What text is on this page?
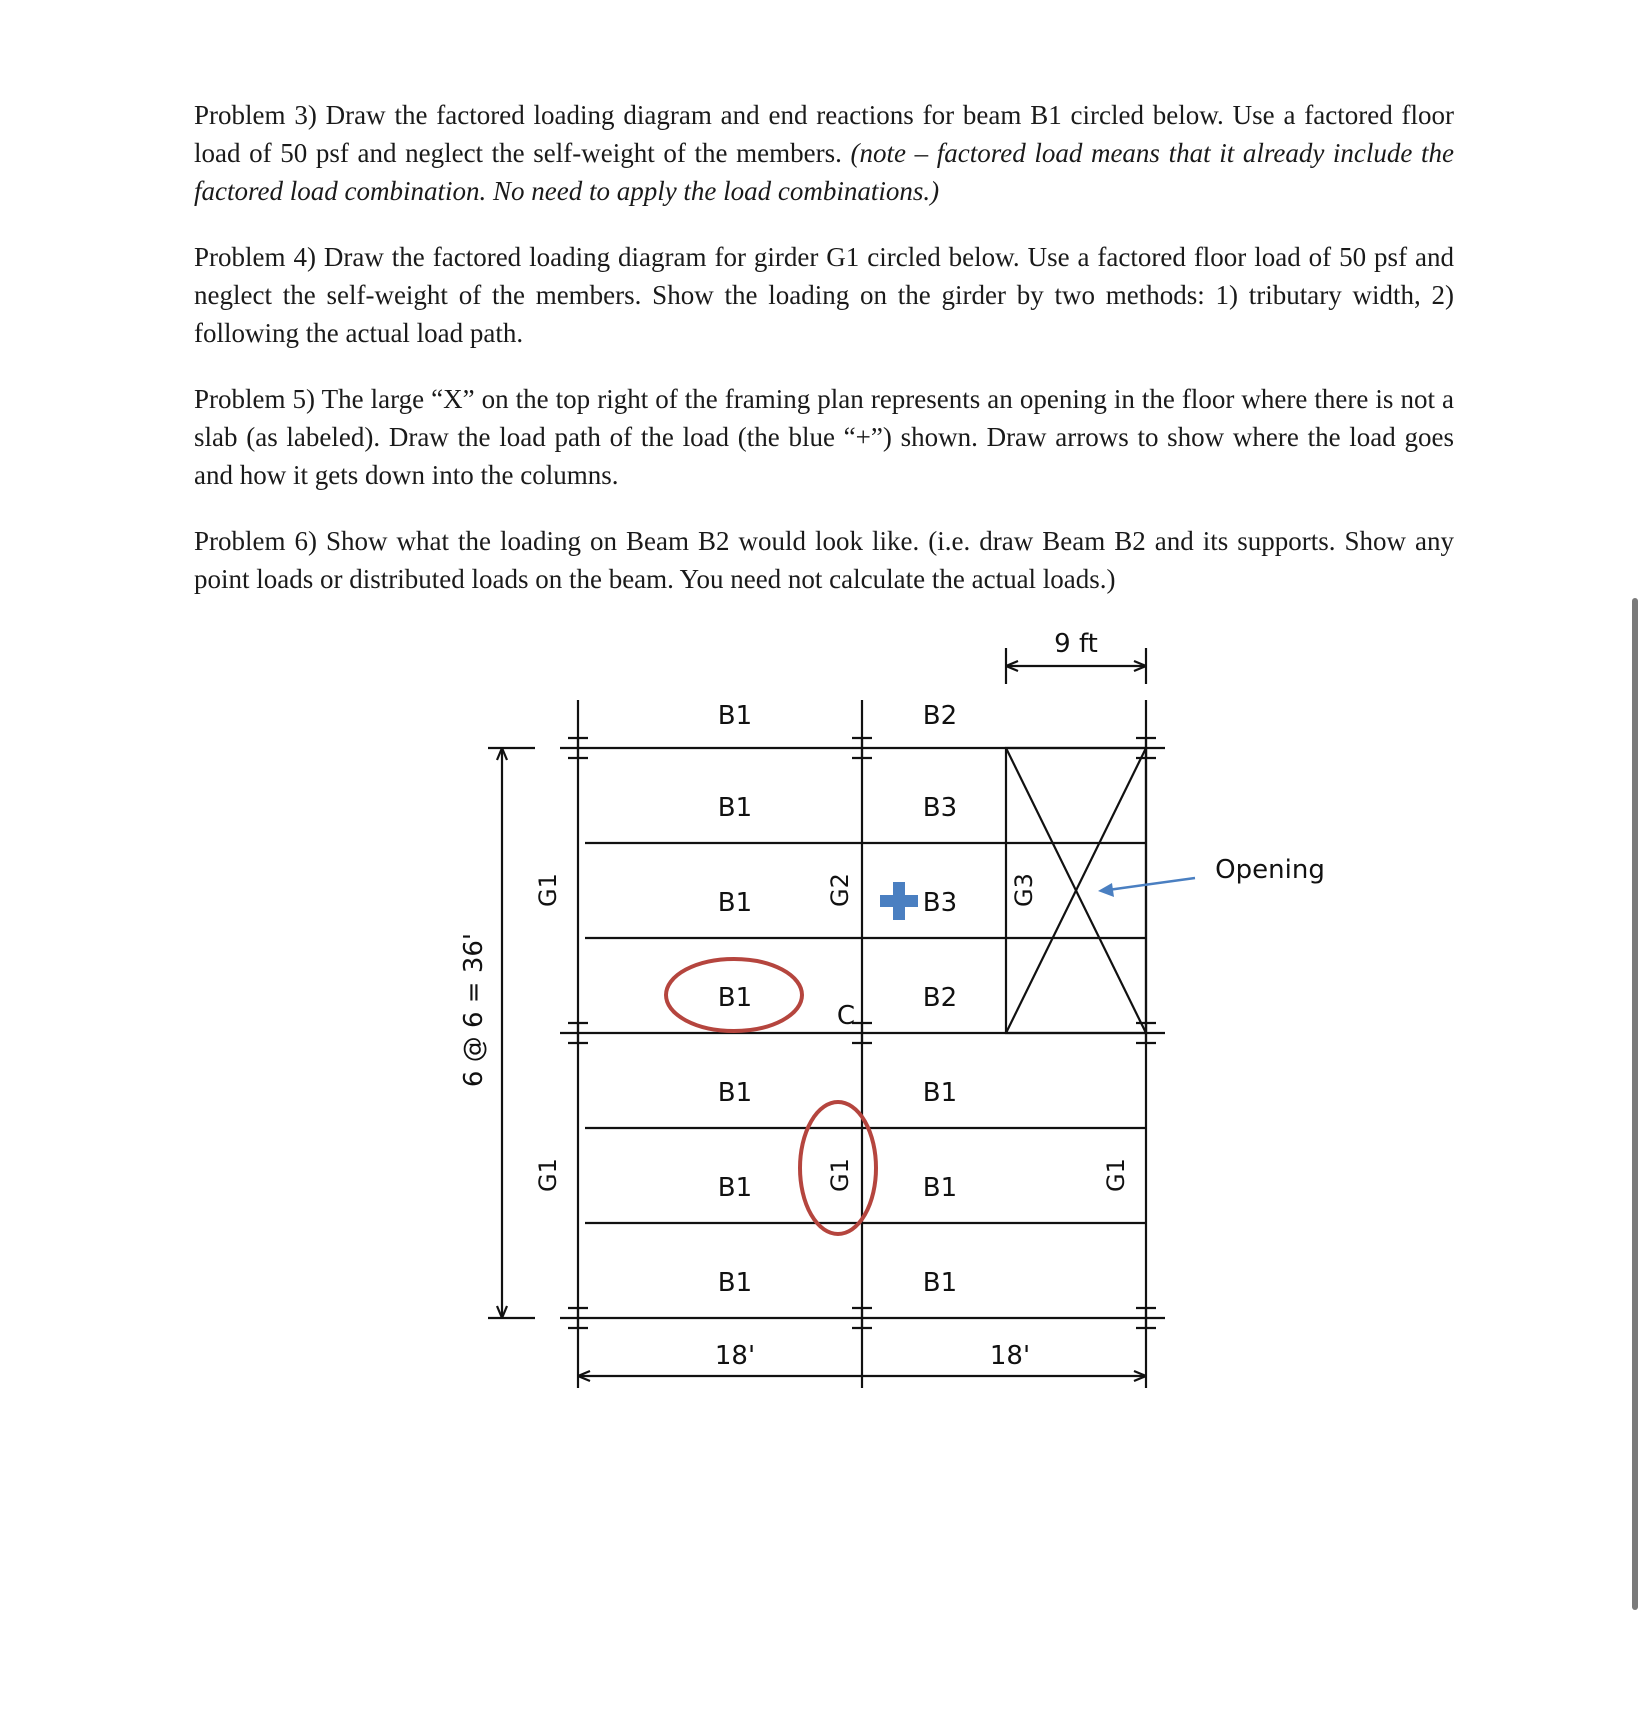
Problem 3) Draw the factored loading diagram and end reactions for beam B1 circled below. Use a factored floor load of 50 psf and neglect the self-weight of the members. (note – factored load means that it already include the factored load combination. No need to apply the load combinations.)

Problem 4) Draw the factored loading diagram for girder G1 circled below. Use a factored floor load of 50 psf and neglect the self-weight of the members. Show the loading on the girder by two methods: 1) tributary width, 2) following the actual load path.

Problem 5) The large “X” on the top right of the framing plan represents an opening in the floor where there is not a slab (as labeled). Draw the load path of the load (the blue “+”) shown. Draw arrows to show where the load goes and how it gets down into the columns.

Problem 6) Show what the loading on Beam B2 would look like. (i.e. draw Beam B2 and its supports. Show any point loads or distributed loads on the beam. You need not calculate the actual loads.)

B1
B1
B1
B1
B1
B1
B1
B2
B3
B3
B2
B1
B1
B1
C
18'	18'
9 ft
Opening
G1
G1
G2
G1
G3
G1
6 @ 6 = 36'
